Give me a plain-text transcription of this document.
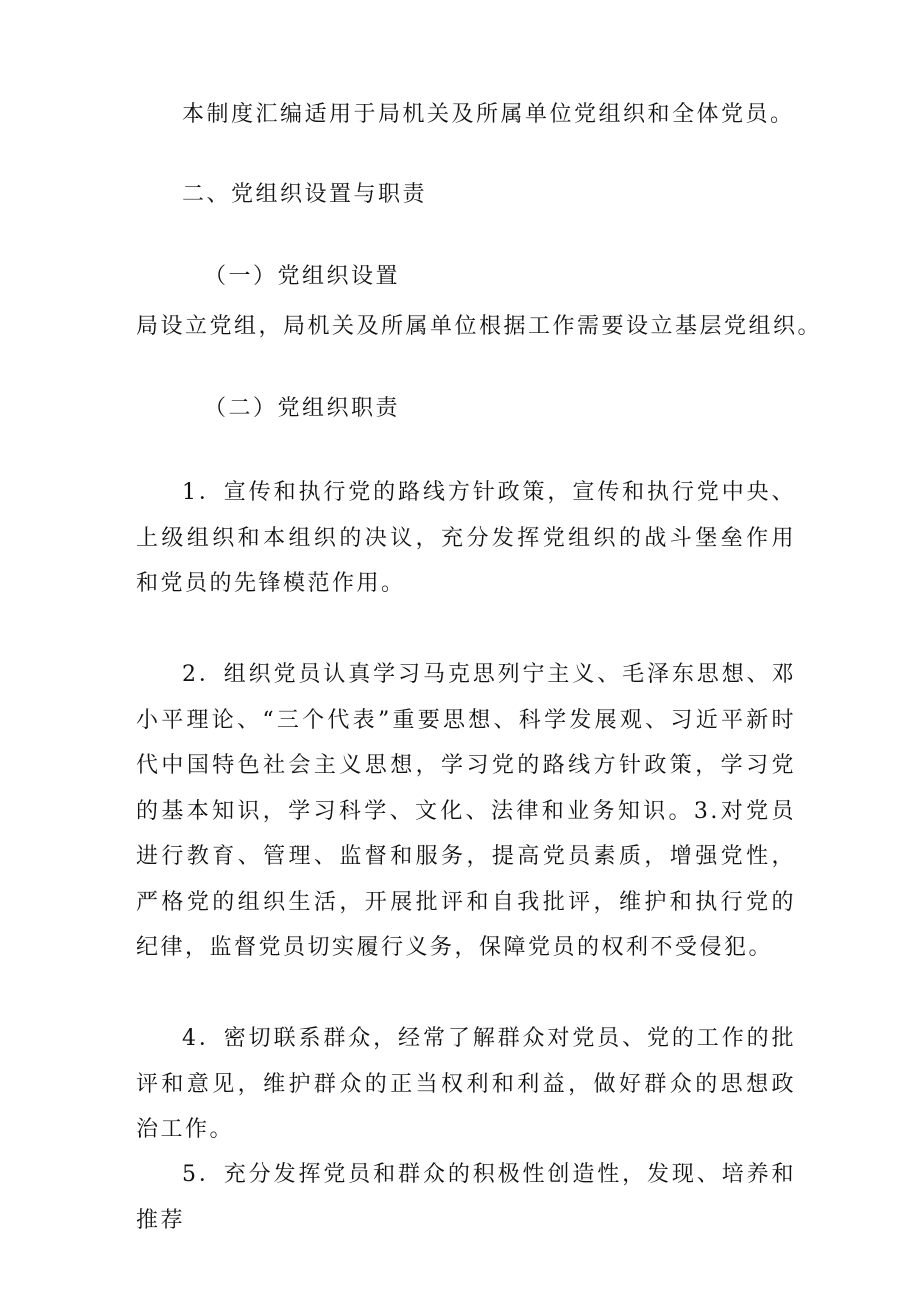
本制度汇编适用于局机关及所属单位党组织和全体党员。
二、党组织设置与职责
（一）党组织设置
局设立党组，局机关及所属单位根据工作需要设立基层党组织。
（二）党组织职责
1．宣传和执行党的路线方针政策，宣传和执行党中央、上级组织和本组织的决议，充分发挥党组织的战斗堡垒作用和党员的先锋模范作用。
2．组织党员认真学习马克思列宁主义、毛泽东思想、邓小平理论、“三个代表”重要思想、科学发展观、习近平新时代中国特色社会主义思想，学习党的路线方针政策，学习党的基本知识，学习科学、文化、法律和业务知识。3.对党员进行教育、管理、监督和服务，提高党员素质，增强党性，严格党的组织生活，开展批评和自我批评，维护和执行党的纪律，监督党员切实履行义务，保障党员的权利不受侵犯。
4．密切联系群众，经常了解群众对党员、党的工作的批评和意见，维护群众的正当权利和利益，做好群众的思想政治工作。
5．充分发挥党员和群众的积极性创造性，发现、培养和推荐
